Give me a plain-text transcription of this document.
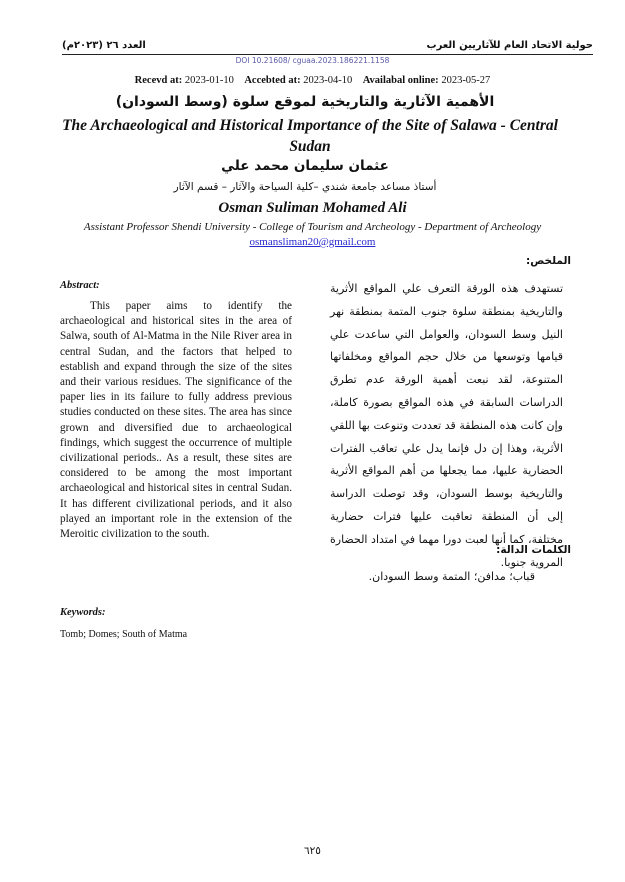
حولية الاتحاد العام للآثاريين العرب
العدد ٢٦ (٢٠٢٣م)
DOI 10.21608/ cguaa.2023.186221.1158
Recevd at: 2023-01-10 Accebted at: 2023-04-10 Availabal online: 2023-05-27
الأهمية الآثارية والتاريخية لموقع سلوة (وسط السودان)
The Archaeological and Historical Importance of the Site of Salawa - Central Sudan
عثمان سليمان محمد علي
أستاذ مساعد جامعة شندي –كلية السياحة والآثار – قسم الآثار
Osman Suliman Mohamed Ali
Assistant Professor Shendi University - College of Tourism and Archeology - Department of Archeology
osmansliman20@gmail.com
الملخص:
Abstract:
This paper aims to identify the archaeological and historical sites in the area of Salwa, south of Al-Matma in the Nile River area in central Sudan, and the factors that helped to establish and expand through the size of the sites and their various residues. The significance of the paper lies in its failure to fully address previous studies conducted on these sites. The area has since grown and diversified due to archaeological findings, which suggest the occurrence of multiple civilizational periods.. As a result, these sites are considered to be among the most important archaeological and historical sites in central Sudan. It has different civilizational periods, and it also played an important role in the extension of the Meroitic civilization to the south.
Keywords:
Tomb; Domes; South of Matma
تستهدف هذه الورقة التعرف علي المواقع الأثرية والتاريخية بمنطقة سلوة جنوب المتمة بمنطقة نهر النيل وسط السودان، والعوامل التي ساعدت علي قيامها وتوسعها من خلال حجم المواقع ومخلفاتها المتنوعة، لقد نبعت أهمية الورقة عدم تطرق الدراسات السابقة في هذه المواقع بصورة كاملة، وإن كانت هذه المنطقة قد تعددت وتنوعت بها اللقي الأثرية، وهذا إن دل فإنما يدل علي تعاقب الفترات الحضارية عليها، مما يجعلها من أهم المواقع الأثرية والتاريخية بوسط السودان، وقد توصلت الدراسة إلى أن المنطقة تعاقبت عليها فترات حضارية مختلفة، كما أنها لعبت دورا مهما في امتداد الحضارة المروية جنوبا.
الكلمات الدالة:
قباب؛ مدافن؛ المتمة وسط السودان.
٦٢٥
